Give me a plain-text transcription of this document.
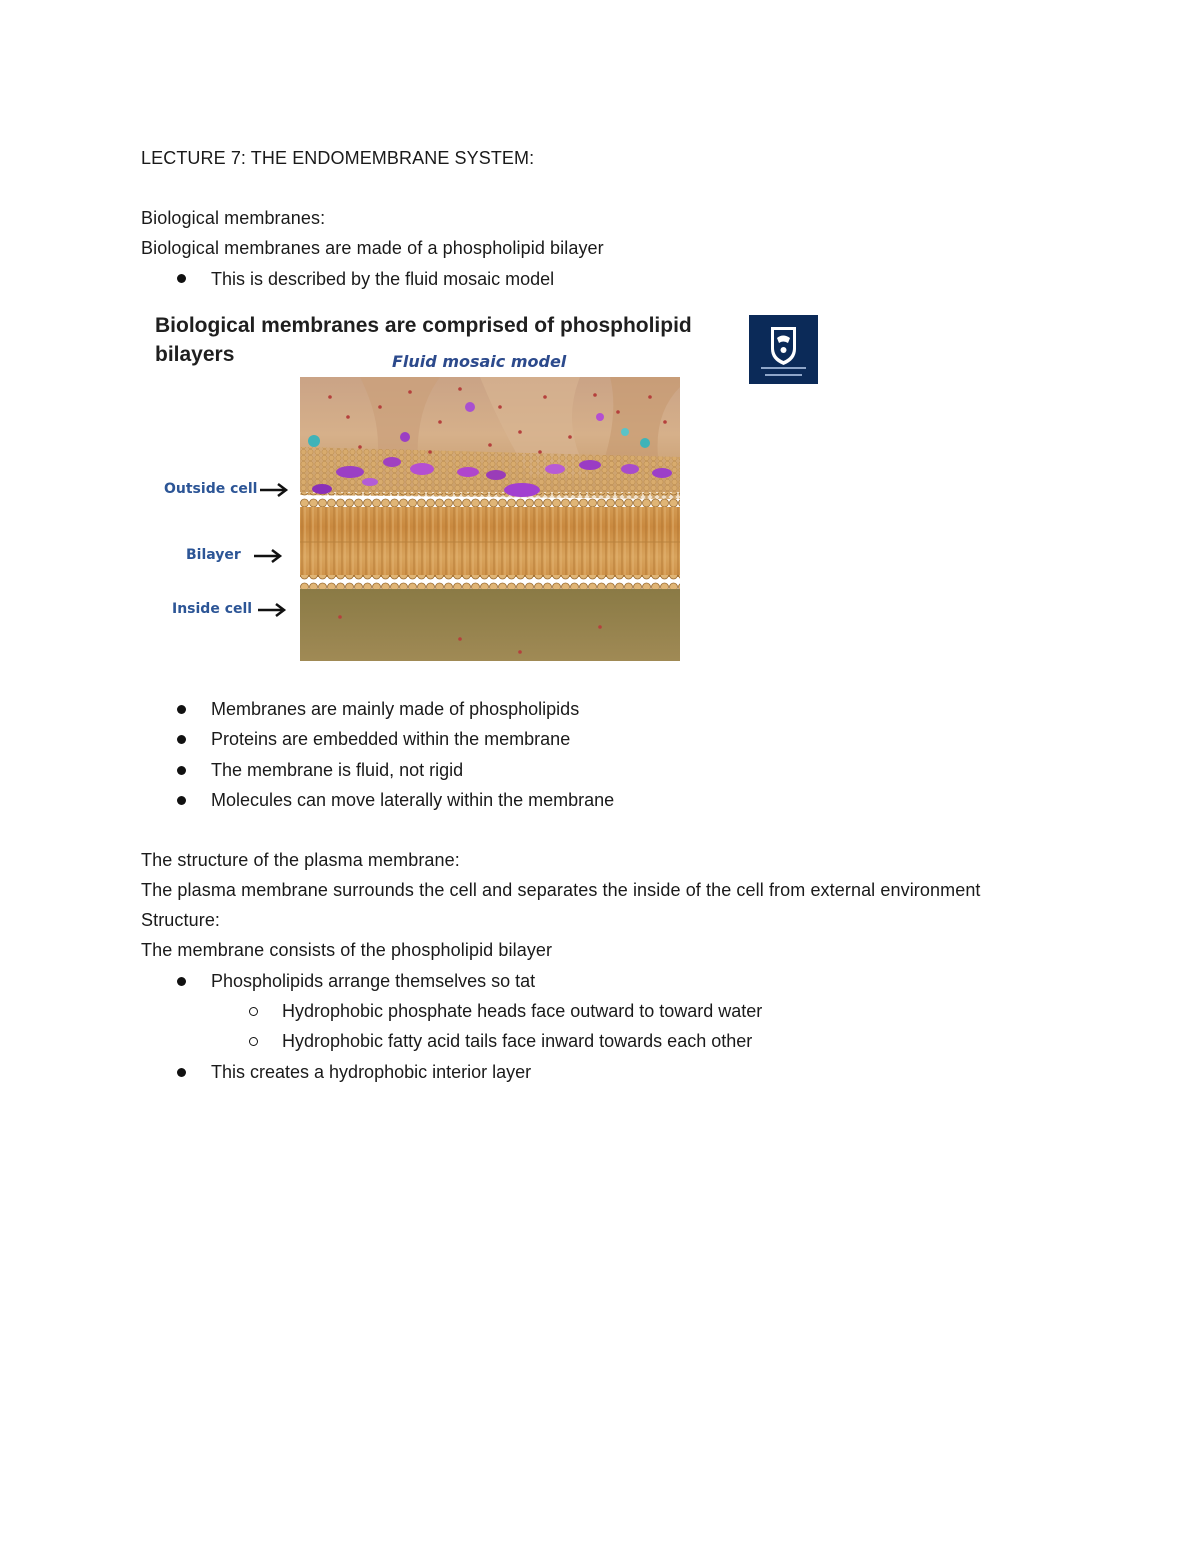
LECTURE 7: THE ENDOMEMBRANE SYSTEM:
Biological membranes:
Biological membranes are made of a phospholipid bilayer
This is described by the fluid mosaic model
Biological membranes are comprised of phospholipid
bilayers	Fluid mosaic model
Outside cell
Bilayer
Inside cell
Membranes are mainly made of phospholipids
Proteins are embedded within the membrane
The membrane is fluid, not rigid
Molecules can move laterally within the membrane
The structure of the plasma membrane:
The plasma membrane surrounds the cell and separates the inside of the cell from external environment
Structure:
The membrane consists of the phospholipid bilayer
Phospholipids arrange themselves so tat
Hydrophobic phosphate heads face outward to toward water
Hydrophobic fatty acid tails face inward towards each other
This creates a hydrophobic interior layer
